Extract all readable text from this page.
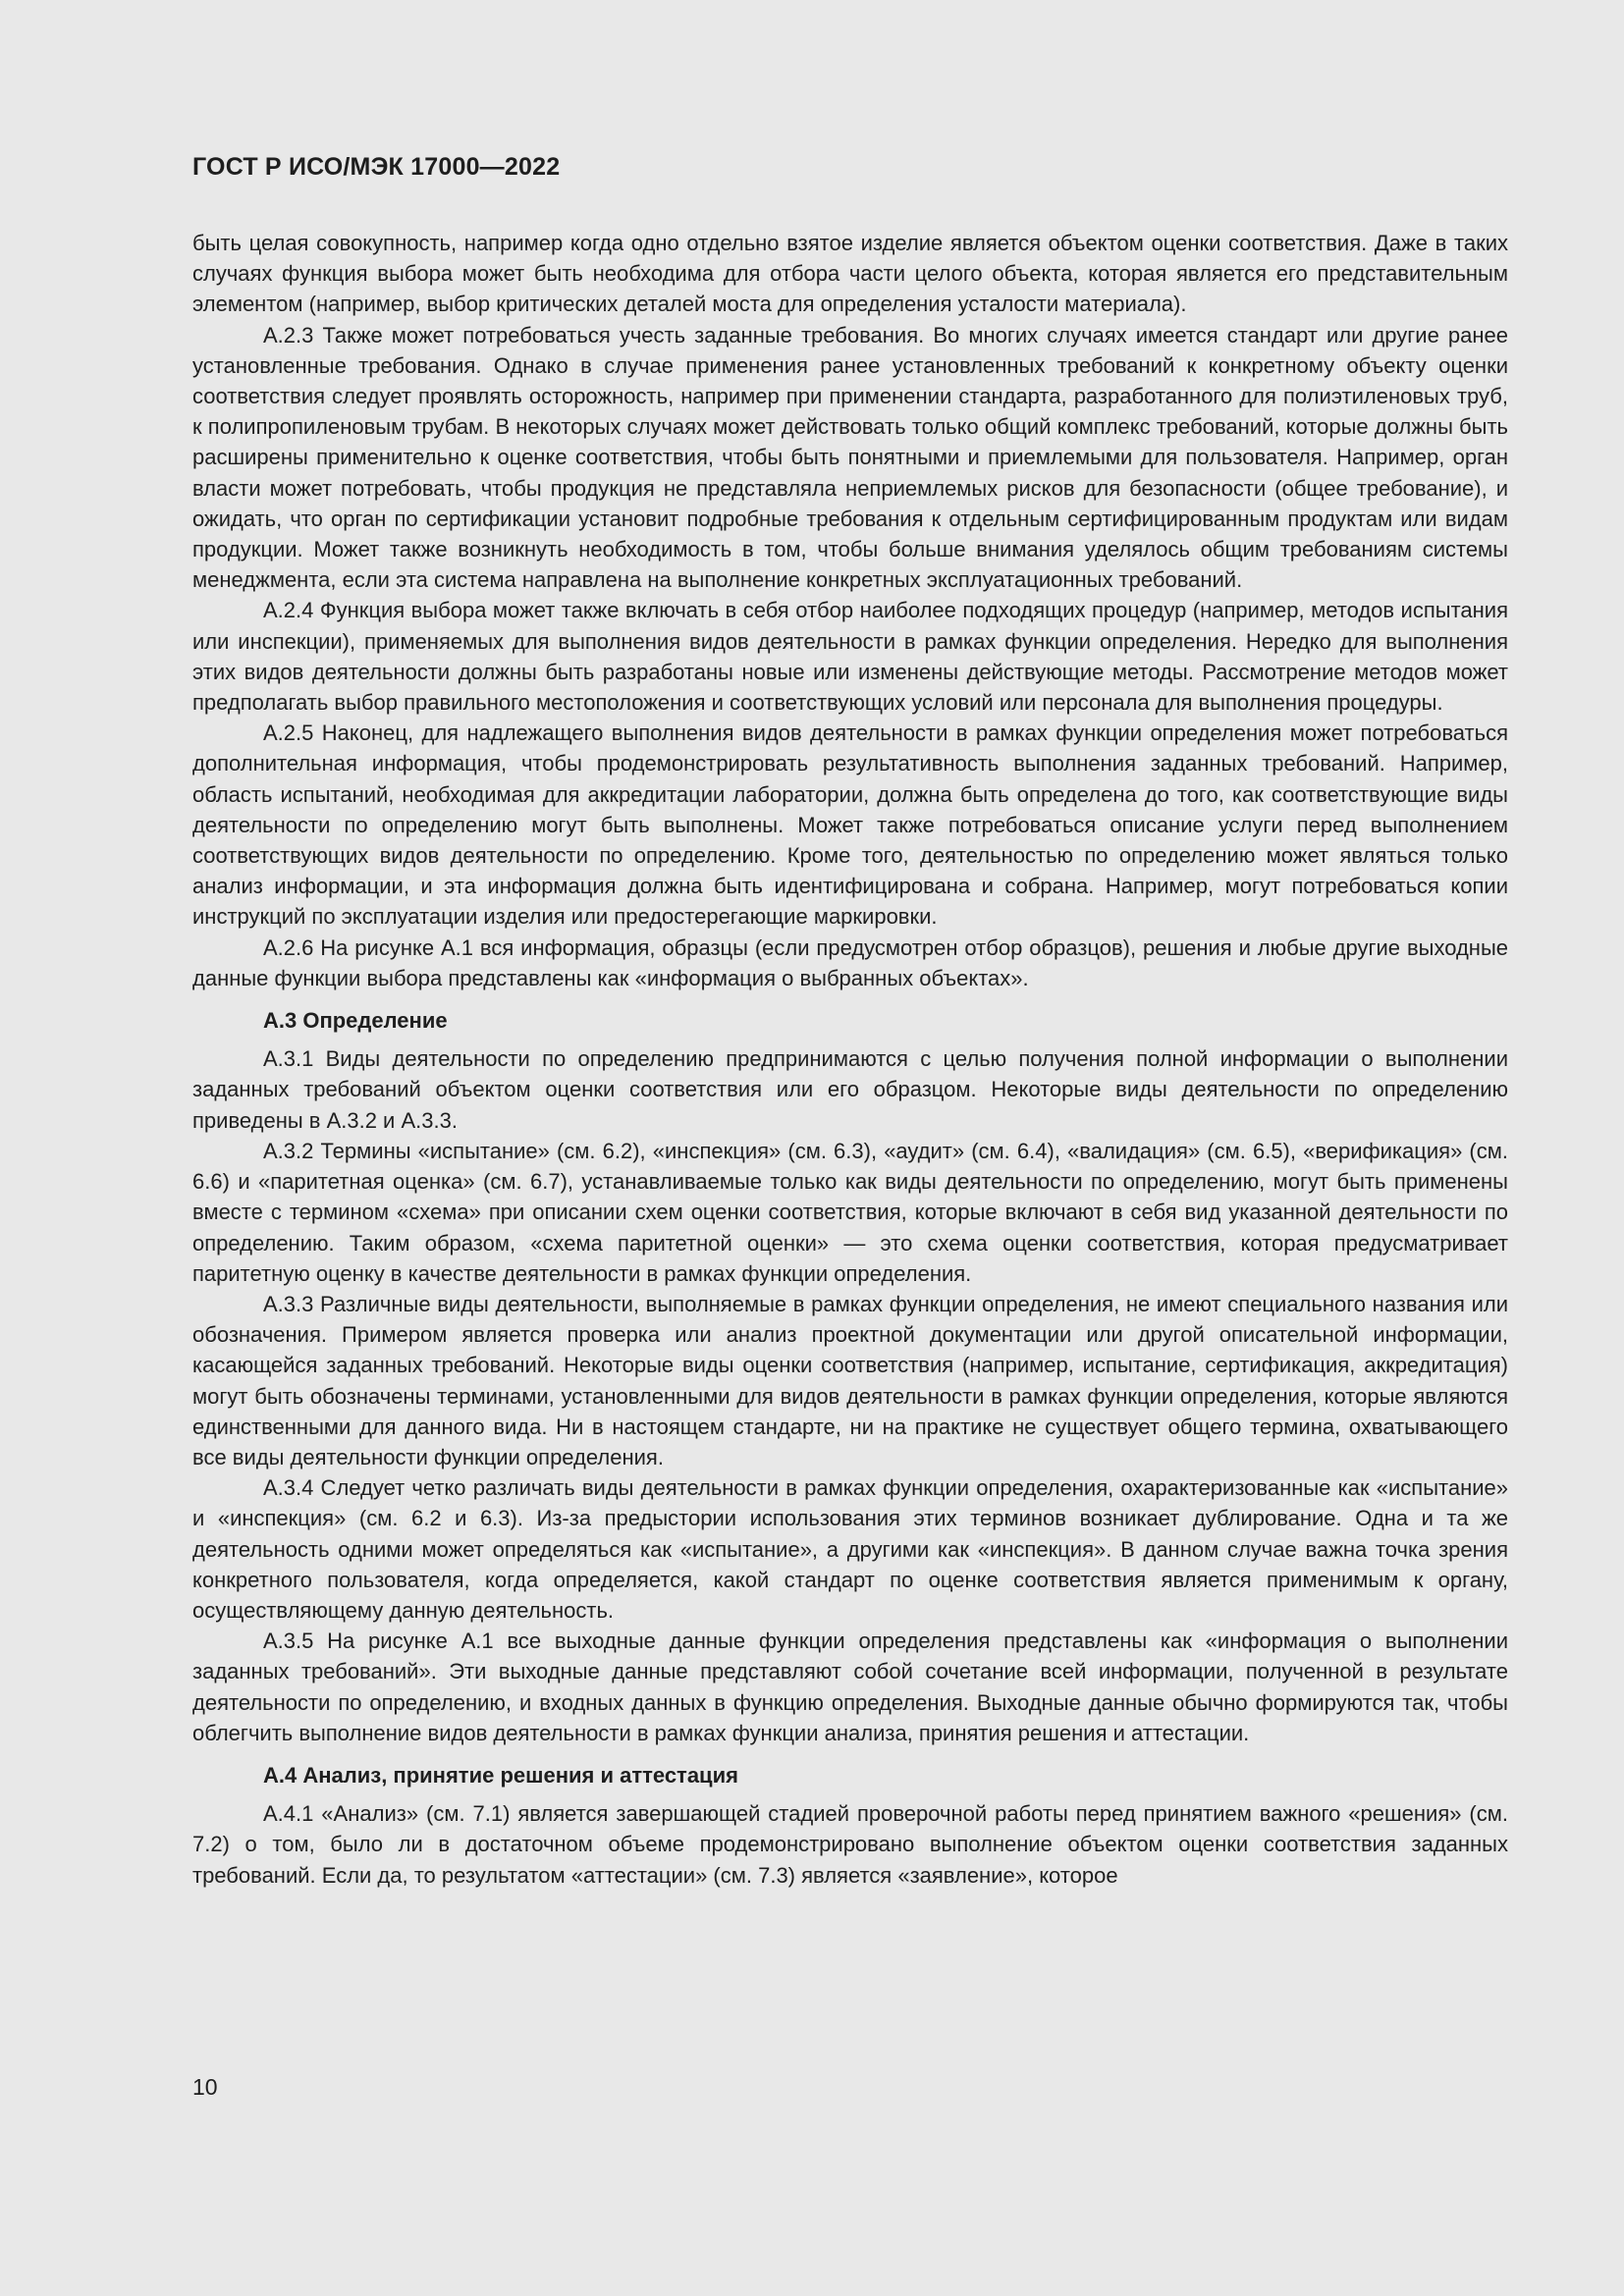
ГОСТ Р ИСО/МЭК 17000—2022

быть целая совокупность, например когда одно отдельно взятое изделие является объектом оценки соответствия. Даже в таких случаях функция выбора может быть необходима для отбора части целого объекта, которая является его представительным элементом (например, выбор критических деталей моста для определения усталости материала).

А.2.3 Также может потребоваться учесть заданные требования. Во многих случаях имеется стандарт или другие ранее установленные требования. Однако в случае применения ранее установленных требований к конкретному объекту оценки соответствия следует проявлять осторожность, например при применении стандарта, разработанного для полиэтиленовых труб, к полипропиленовым трубам. В некоторых случаях может действовать только общий комплекс требований, которые должны быть расширены применительно к оценке соответствия, чтобы быть понятными и приемлемыми для пользователя. Например, орган власти может потребовать, чтобы продукция не представляла неприемлемых рисков для безопасности (общее требование), и ожидать, что орган по сертификации установит подробные требования к отдельным сертифицированным продуктам или видам продукции. Может также возникнуть необходимость в том, чтобы больше внимания уделялось общим требованиям системы менеджмента, если эта система направлена на выполнение конкретных эксплуатационных требований.

А.2.4 Функция выбора может также включать в себя отбор наиболее подходящих процедур (например, методов испытания или инспекции), применяемых для выполнения видов деятельности в рамках функции определения. Нередко для выполнения этих видов деятельности должны быть разработаны новые или изменены действующие методы. Рассмотрение методов может предполагать выбор правильного местоположения и соответствующих условий или персонала для выполнения процедуры.

А.2.5 Наконец, для надлежащего выполнения видов деятельности в рамках функции определения может потребоваться дополнительная информация, чтобы продемонстрировать результативность выполнения заданных требований. Например, область испытаний, необходимая для аккредитации лаборатории, должна быть определена до того, как соответствующие виды деятельности по определению могут быть выполнены. Может также потребоваться описание услуги перед выполнением соответствующих видов деятельности по определению. Кроме того, деятельностью по определению может являться только анализ информации, и эта информация должна быть идентифицирована и собрана. Например, могут потребоваться копии инструкций по эксплуатации изделия или предостерегающие маркировки.

А.2.6 На рисунке А.1 вся информация, образцы (если предусмотрен отбор образцов), решения и любые другие выходные данные функции выбора представлены как «информация о выбранных объектах».

А.3 Определение

А.3.1 Виды деятельности по определению предпринимаются с целью получения полной информации о выполнении заданных требований объектом оценки соответствия или его образцом. Некоторые виды деятельности по определению приведены в А.3.2 и А.3.3.

А.3.2 Термины «испытание» (см. 6.2), «инспекция» (см. 6.3), «аудит» (см. 6.4), «валидация» (см. 6.5), «верификация» (см. 6.6) и «паритетная оценка» (см. 6.7), устанавливаемые только как виды деятельности по определению, могут быть применены вместе с термином «схема» при описании схем оценки соответствия, которые включают в себя вид указанной деятельности по определению. Таким образом, «схема паритетной оценки» — это схема оценки соответствия, которая предусматривает паритетную оценку в качестве деятельности в рамках функции определения.

А.3.3 Различные виды деятельности, выполняемые в рамках функции определения, не имеют специального названия или обозначения. Примером является проверка или анализ проектной документации или другой описательной информации, касающейся заданных требований. Некоторые виды оценки соответствия (например, испытание, сертификация, аккредитация) могут быть обозначены терминами, установленными для видов деятельности в рамках функции определения, которые являются единственными для данного вида. Ни в настоящем стандарте, ни на практике не существует общего термина, охватывающего все виды деятельности функции определения.

А.3.4 Следует четко различать виды деятельности в рамках функции определения, охарактеризованные как «испытание» и «инспекция» (см. 6.2 и 6.3). Из-за предыстории использования этих терминов возникает дублирование. Одна и та же деятельность одними может определяться как «испытание», а другими как «инспекция». В данном случае важна точка зрения конкретного пользователя, когда определяется, какой стандарт по оценке соответствия является применимым к органу, осуществляющему данную деятельность.

А.3.5 На рисунке А.1 все выходные данные функции определения представлены как «информация о выполнении заданных требований». Эти выходные данные представляют собой сочетание всей информации, полученной в результате деятельности по определению, и входных данных в функцию определения. Выходные данные обычно формируются так, чтобы облегчить выполнение видов деятельности в рамках функции анализа, принятия решения и аттестации.

А.4 Анализ, принятие решения и аттестация

А.4.1 «Анализ» (см. 7.1) является завершающей стадией проверочной работы перед принятием важного «решения» (см. 7.2) о том, было ли в достаточном объеме продемонстрировано выполнение объектом оценки соответствия заданных требований. Если да, то результатом «аттестации» (см. 7.3) является «заявление», которое

10
